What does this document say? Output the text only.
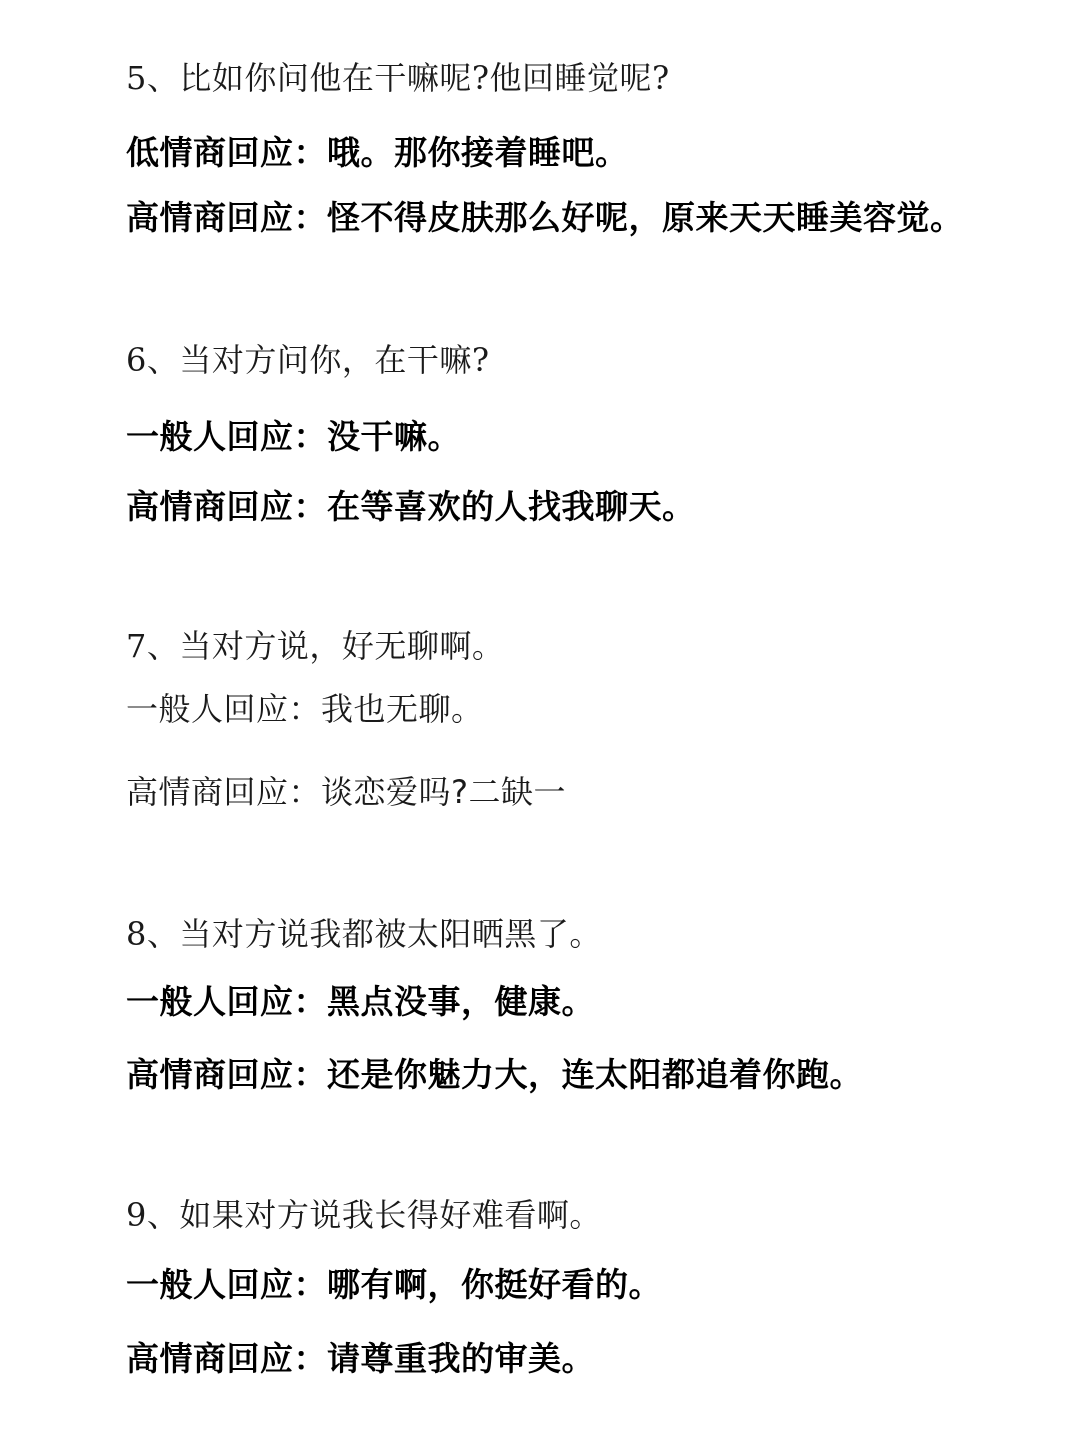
5、比如你问他在干嘛呢?他回睡觉呢?
低情商回应：哦。那你接着睡吧。
高情商回应：怪不得皮肤那么好呢，原来天天睡美容觉。
6、当对方问你，在干嘛?
一般人回应：没干嘛。
高情商回应：在等喜欢的人找我聊天。
7、当对方说，好无聊啊。
一般人回应：我也无聊。
高情商回应：谈恋爱吗?二缺一
8、当对方说我都被太阳晒黑了。
一般人回应：黑点没事，健康。
高情商回应：还是你魅力大，连太阳都追着你跑。
9、如果对方说我长得好难看啊。
一般人回应：哪有啊，你挺好看的。
高情商回应：请尊重我的审美。
